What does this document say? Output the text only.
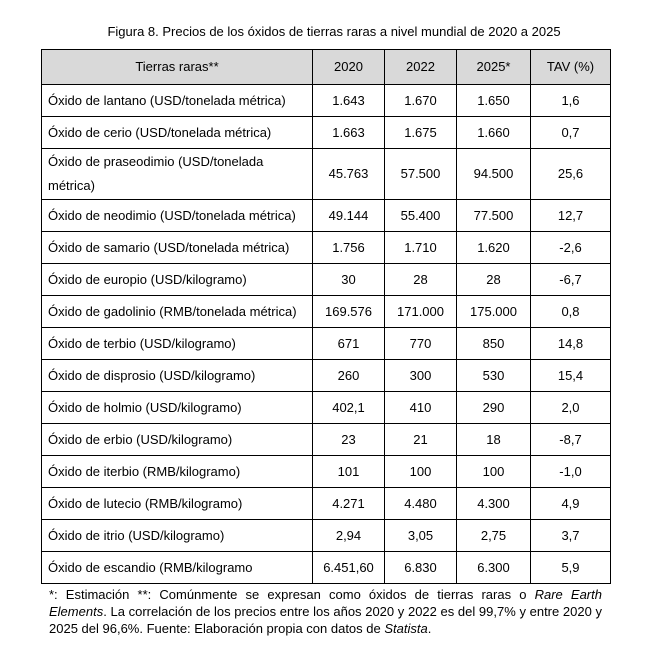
Figura 8. Precios de los óxidos de tierras raras a nivel mundial de 2020 a 2025
Tierras raras**	2020	2022	2025*	TAV (%)
Óxido de lantano (USD/tonelada métrica)	1.643	1.670	1.650	1,6
Óxido de cerio (USD/tonelada métrica)	1.663	1.675	1.660	0,7
Óxido de praseodimio (USD/tonelada métrica)	45.763	57.500	94.500	25,6
Óxido de neodimio (USD/tonelada métrica)	49.144	55.400	77.500	12,7
Óxido de samario (USD/tonelada métrica)	1.756	1.710	1.620	-2,6
Óxido de europio (USD/kilogramo)	30	28	28	-6,7
Óxido de gadolinio (RMB/tonelada métrica)	169.576	171.000	175.000	0,8
Óxido de terbio (USD/kilogramo)	671	770	850	14,8
Óxido de disprosio (USD/kilogramo)	260	300	530	15,4
Óxido de holmio (USD/kilogramo)	402,1	410	290	2,0
Óxido de erbio (USD/kilogramo)	23	21	18	-8,7
Óxido de iterbio (RMB/kilogramo)	101	100	100	-1,0
Óxido de lutecio (RMB/kilogramo)	4.271	4.480	4.300	4,9
Óxido de itrio (USD/kilogramo)	2,94	3,05	2,75	3,7
Óxido de escandio (RMB/kilogramo	6.451,60	6.830	6.300	5,9
*: Estimación **: Comúnmente se expresan como óxidos de tierras raras o Rare Earth Elements. La correlación de los precios entre los años 2020 y 2022 es del 99,7% y entre 2020 y 2025 del 96,6%. Fuente: Elaboración propia con datos de Statista.
